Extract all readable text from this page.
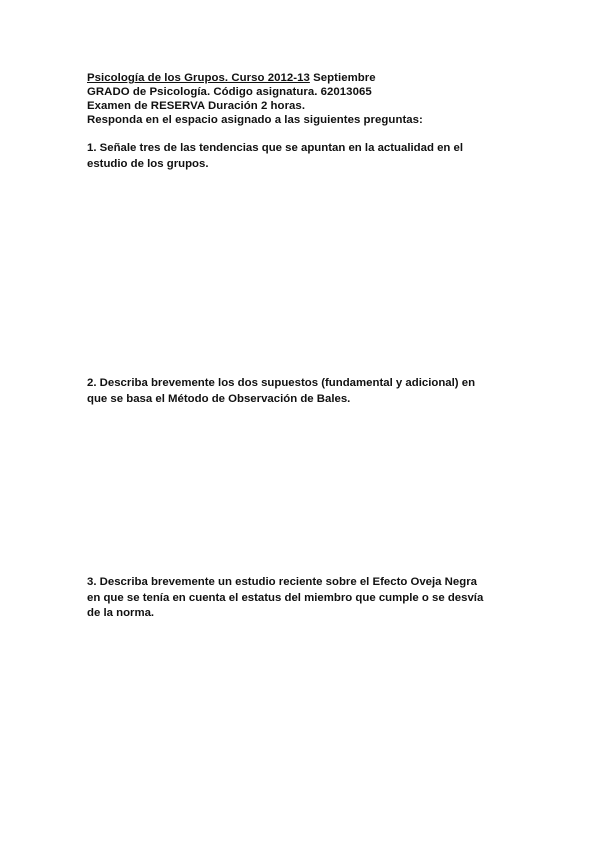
Psicología de los Grupos. Curso 2012-13 Septiembre
GRADO de Psicología. Código asignatura. 62013065
Examen de RESERVA Duración 2 horas.
Responda en el espacio asignado a las siguientes preguntas:
1. Señale tres de las tendencias que se apuntan en la actualidad en el
estudio de los grupos.
2. Describa brevemente los dos supuestos (fundamental y adicional) en
que se basa el Método de Observación de Bales.
3. Describa brevemente un estudio reciente sobre el Efecto Oveja Negra
en que se tenía en cuenta el estatus del miembro que cumple o se desvía
de la norma.
